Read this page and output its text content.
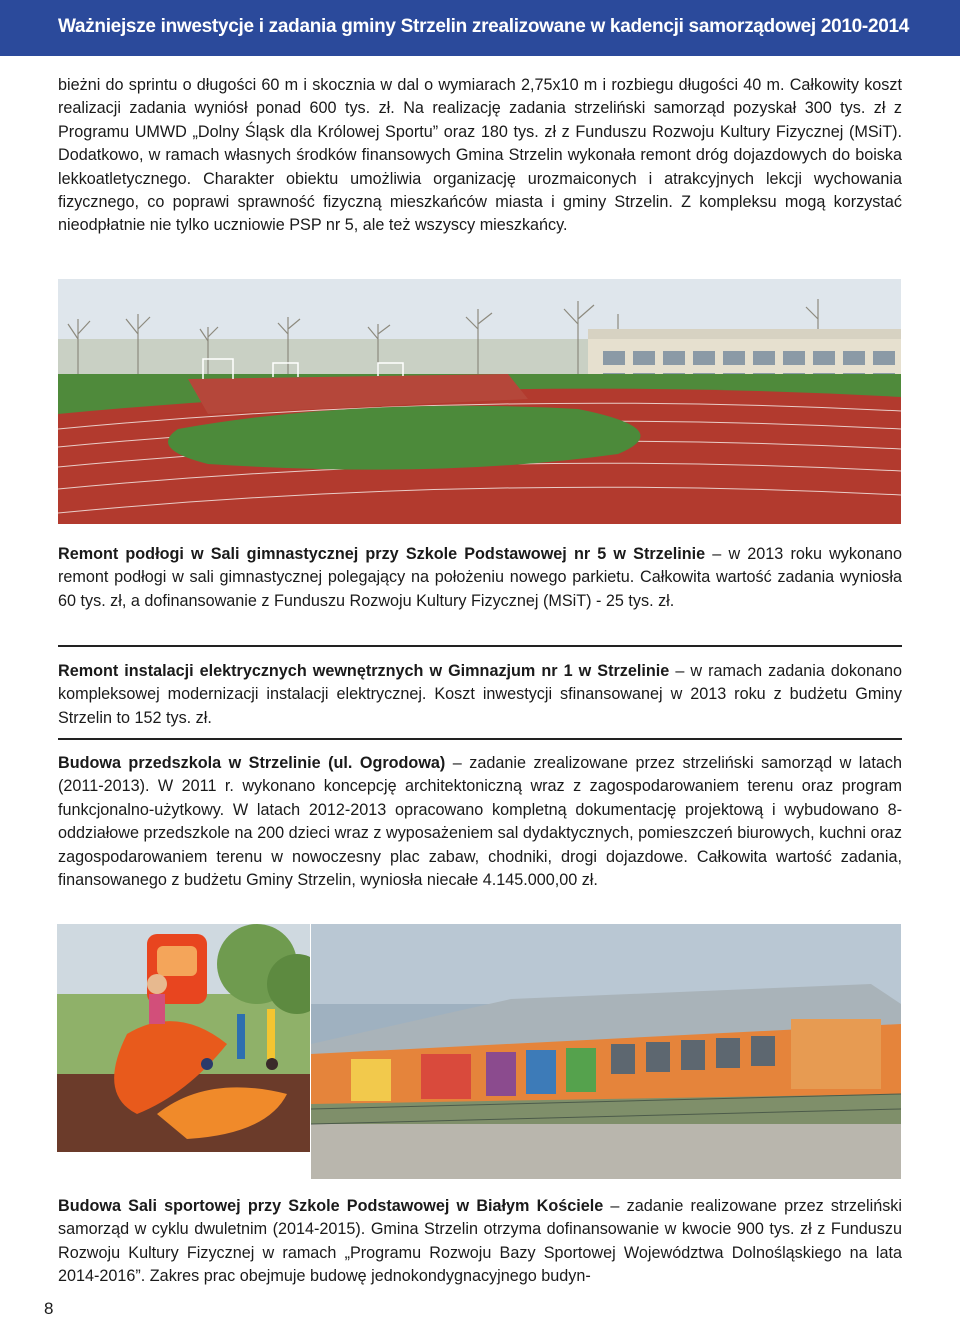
Ważniejsze inwestycje i zadania gminy Strzelin zrealizowane w kadencji samorządowej 2010-2014

bieżni do sprintu o długości 60 m i skocznia w dal o wymiarach 2,75x10 m i rozbiegu długości 40 m. Całkowity koszt realizacji zadania wyniósł ponad 600 tys. zł. Na realizację zadania strzeliński samorząd pozyskał 300 tys. zł z Programu UMWD „Dolny Śląsk dla Królowej Sportu” oraz 180 tys. zł z Funduszu Rozwoju Kultury Fizycznej (MSiT). Dodatkowo, w ramach własnych środków finansowych Gmina Strzelin wykonała remont dróg dojazdowych do boiska lekkoatletycznego. Charakter obiektu umożliwia organizację urozmaiconych i atrakcyjnych lekcji wychowania fizycznego, co poprawi sprawność fizyczną mieszkańców miasta i gminy Strzelin. Z kompleksu mogą korzystać nieodpłatnie nie tylko uczniowie PSP nr 5, ale też wszyscy mieszkańcy.

Remont podłogi w Sali gimnastycznej przy Szkole Podstawowej nr 5 w Strzelinie – w 2013 roku wykonano remont podłogi w sali gimnastycznej polegający na położeniu nowego parkietu. Całkowita wartość zadania wyniosła 60 tys. zł, a dofinansowanie z Funduszu Rozwoju Kultury Fizycznej (MSiT) - 25 tys. zł.

Remont instalacji elektrycznych wewnętrznych w Gimnazjum nr 1 w Strzelinie – w ramach zadania dokonano kompleksowej modernizacji instalacji elektrycznej. Koszt inwestycji sfinansowanej w 2013 roku z budżetu Gminy Strzelin to 152 tys. zł.

Budowa przedszkola w Strzelinie (ul. Ogrodowa) – zadanie zrealizowane przez strzeliński samorząd w latach (2011-2013). W 2011 r. wykonano koncepcję architektoniczną wraz z zagospodarowaniem terenu oraz program funkcjonalno-użytkowy. W latach 2012-2013 opracowano kompletną dokumentację projektową i wybudowano 8-oddziałowe przedszkole na 200 dzieci wraz z wyposażeniem sal dydaktycznych, pomieszczeń biurowych, kuchni oraz zagospodarowaniem terenu w nowoczesny plac zabaw, chodniki, drogi dojazdowe. Całkowita wartość zadania, finansowanego z budżetu Gminy Strzelin, wyniosła niecałe 4.145.000,00 zł.

Budowa Sali sportowej przy Szkole Podstawowej w Białym Kościele – zadanie realizowane przez strzeliński samorząd w cyklu dwuletnim (2014-2015). Gmina Strzelin otrzyma dofinansowanie w kwocie 900 tys. zł z Funduszu Rozwoju Kultury Fizycznej w ramach „Programu Rozwoju Bazy Sportowej Województwa Dolnośląskiego na lata 2014-2016”. Zakres prac obejmuje budowę jednokondygnacyjnego budyn-

8
